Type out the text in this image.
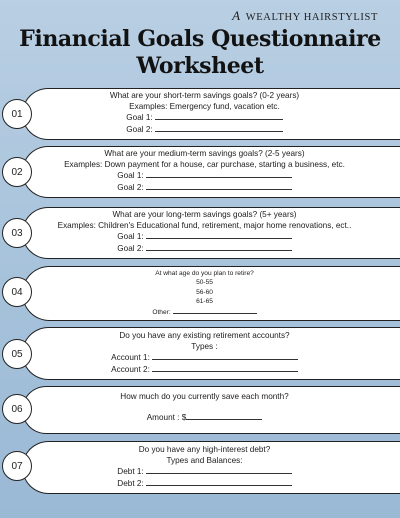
A WEALTHY HAIRSTYLIST
Financial Goals Questionnaire
Worksheet
What are your short-term savings goals? (0-2 years)
Examples: Emergency fund, vacation etc.
Goal 1:
Goal 2:
01
What are your medium-term savings goals? (2-5 years)
Examples: Down payment for a house, car purchase, starting a business, etc.
Goal 1:
Goal 2:
02
What are your long-term savings goals? (5+ years)
Examples: Children's Educational fund, retirement, major home renovations, ect..
Goal 1:
Goal 2:
03
At what age do you plan to retire?
50-55
56-60
61-65
Other:
04
Do you have any existing retirement accounts?
Types :
Account 1:
Account 2:
05
How much do you currently save each month?
Amount : $
06
Do you have any high-interest debt?
Types and Balances:
Debt 1:
Debt 2:
07
